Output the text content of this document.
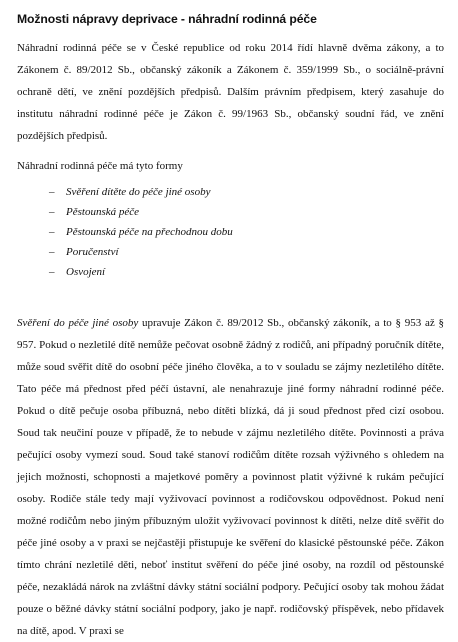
Možnosti nápravy deprivace - náhradní rodinná péče

Náhradní rodinná péče se v České republice od roku 2014 řídí hlavně dvěma zákony, a to Zákonem č. 89/2012 Sb., občanský zákoník a Zákonem č. 359/1999 Sb., o sociálně-právní ochraně dětí, ve znění pozdějších předpisů. Dalším právním předpisem, který zasahuje do institutu náhradní rodinné péče je Zákon č. 99/1963 Sb., občanský soudní řád, ve znění pozdějších předpisů.

Náhradní rodinná péče má tyto formy

– Svěření dítěte do péče jiné osoby
– Pěstounská péče
– Pěstounská péče na přechodnou dobu
– Poručenství
– Osvojení

Svěření do péče jiné osoby upravuje Zákon č. 89/2012 Sb., občanský zákoník, a to § 953 až § 957. Pokud o nezletilé dítě nemůže pečovat osobně žádný z rodičů, ani případný poručník dítěte, může soud svěřit dítě do osobní péče jiného člověka, a to v souladu se zájmy nezletilého dítěte. Tato péče má přednost před péčí ústavní, ale nenahrazuje jiné formy náhradní rodinné péče. Pokud o dítě pečuje osoba příbuzná, nebo dítěti blízká, dá ji soud přednost před cizí osobou. Soud tak neučiní pouze v případě, že to nebude v zájmu nezletilého dítěte. Povinnosti a práva pečující osoby vymezí soud. Soud také stanoví rodičům dítěte rozsah výživného s ohledem na jejich možnosti, schopnosti a majetkové poměry a povinnost platit výživné k rukám pečující osoby. Rodiče stále tedy mají vyživovací povinnost a rodičovskou odpovědnost. Pokud není možné rodičům nebo jiným příbuzným uložit vyživovací povinnost k dítěti, nelze dítě svěřit do péče jiné osoby a v praxi se nejčastěji přistupuje ke svěření do klasické pěstounské péče. Zákon tímto chrání nezletilé děti, neboť institut svěření do péče jiné osoby, na rozdíl od pěstounské péče, nezakládá nárok na zvláštní dávky státní sociální podpory. Pečující osoby tak mohou žádat pouze o běžné dávky státní sociální podpory, jako je např. rodičovský příspěvek, nebo přídavek na dítě, apod. V praxi se
